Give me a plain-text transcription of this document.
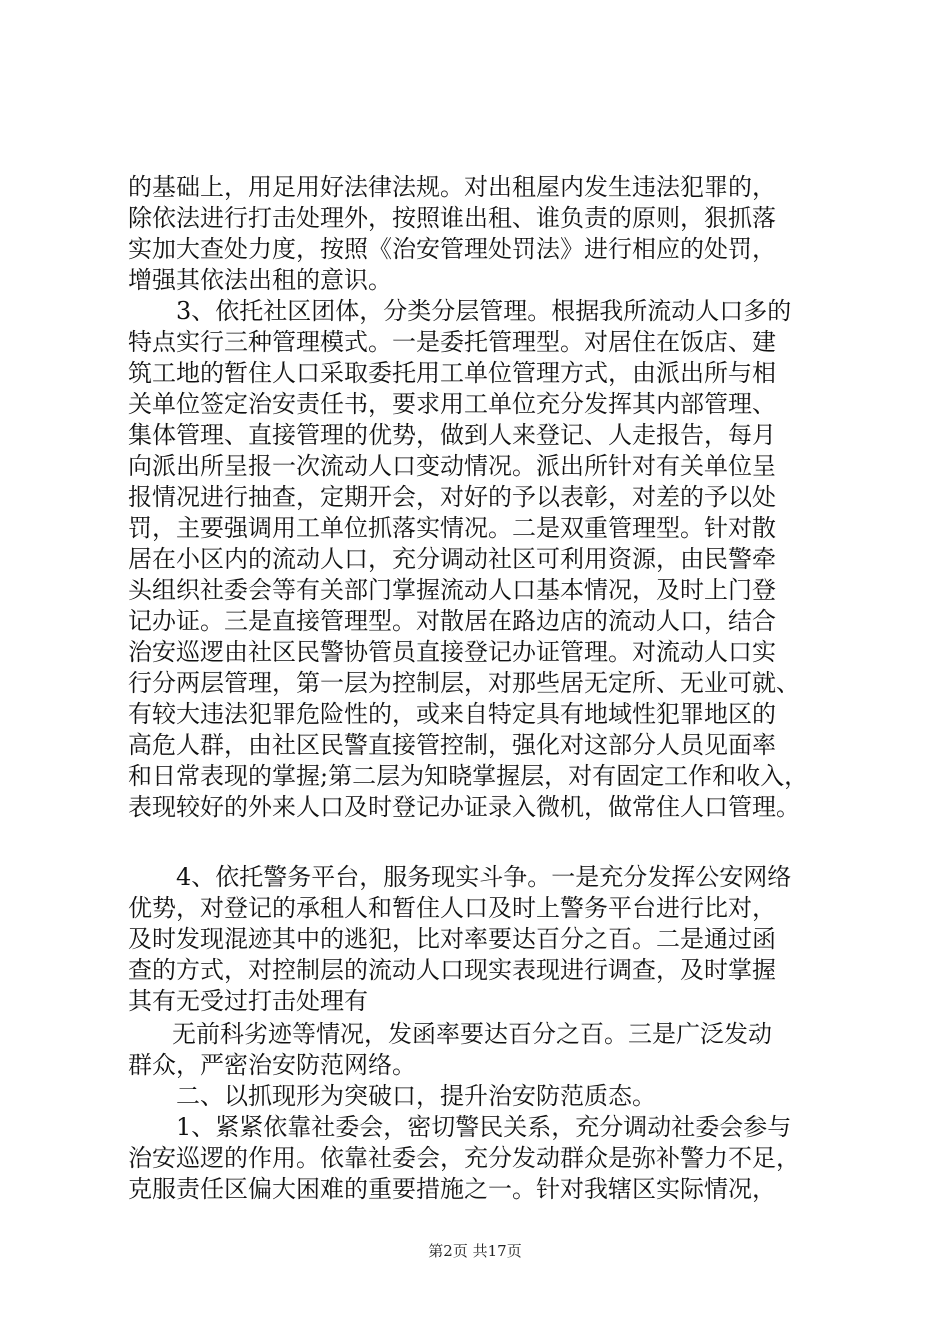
的基础上，用足用好法律法规。对出租屋内发生违法犯罪的，
除依法进行打击处理外，按照谁出租、谁负责的原则，狠抓落
实加大查处力度，按照《治安管理处罚法》进行相应的处罚，
增强其依法出租的意识。
3、依托社区团体，分类分层管理。根据我所流动人口多的
特点实行三种管理模式。一是委托管理型。对居住在饭店、建
筑工地的暂住人口采取委托用工单位管理方式，由派出所与相
关单位签定治安责任书，要求用工单位充分发挥其内部管理、
集体管理、直接管理的优势，做到人来登记、人走报告，每月
向派出所呈报一次流动人口变动情况。派出所针对有关单位呈
报情况进行抽查，定期开会，对好的予以表彰，对差的予以处
罚，主要强调用工单位抓落实情况。二是双重管理型。针对散
居在小区内的流动人口，充分调动社区可利用资源，由民警牵
头组织社委会等有关部门掌握流动人口基本情况，及时上门登
记办证。三是直接管理型。对散居在路边店的流动人口，结合
治安巡逻由社区民警协管员直接登记办证管理。对流动人口实
行分两层管理，第一层为控制层，对那些居无定所、无业可就、
有较大违法犯罪危险性的，或来自特定具有地域性犯罪地区的
高危人群，由社区民警直接管控制，强化对这部分人员见面率
和日常表现的掌握;第二层为知晓掌握层，对有固定工作和收入，
表现较好的外来人口及时登记办证录入微机，做常住人口管理。
4、依托警务平台，服务现实斗争。一是充分发挥公安网络
优势，对登记的承租人和暂住人口及时上警务平台进行比对，
及时发现混迹其中的逃犯，比对率要达百分之百。二是通过函
查的方式，对控制层的流动人口现实表现进行调查，及时掌握
其有无受过打击处理有
无前科劣迹等情况，发函率要达百分之百。三是广泛发动
群众，严密治安防范网络。
二、以抓现形为突破口，提升治安防范质态。
1、紧紧依靠社委会，密切警民关系，充分调动社委会参与
治安巡逻的作用。依靠社委会，充分发动群众是弥补警力不足，
克服责任区偏大困难的重要措施之一。针对我辖区实际情况，
第2页 共17页
